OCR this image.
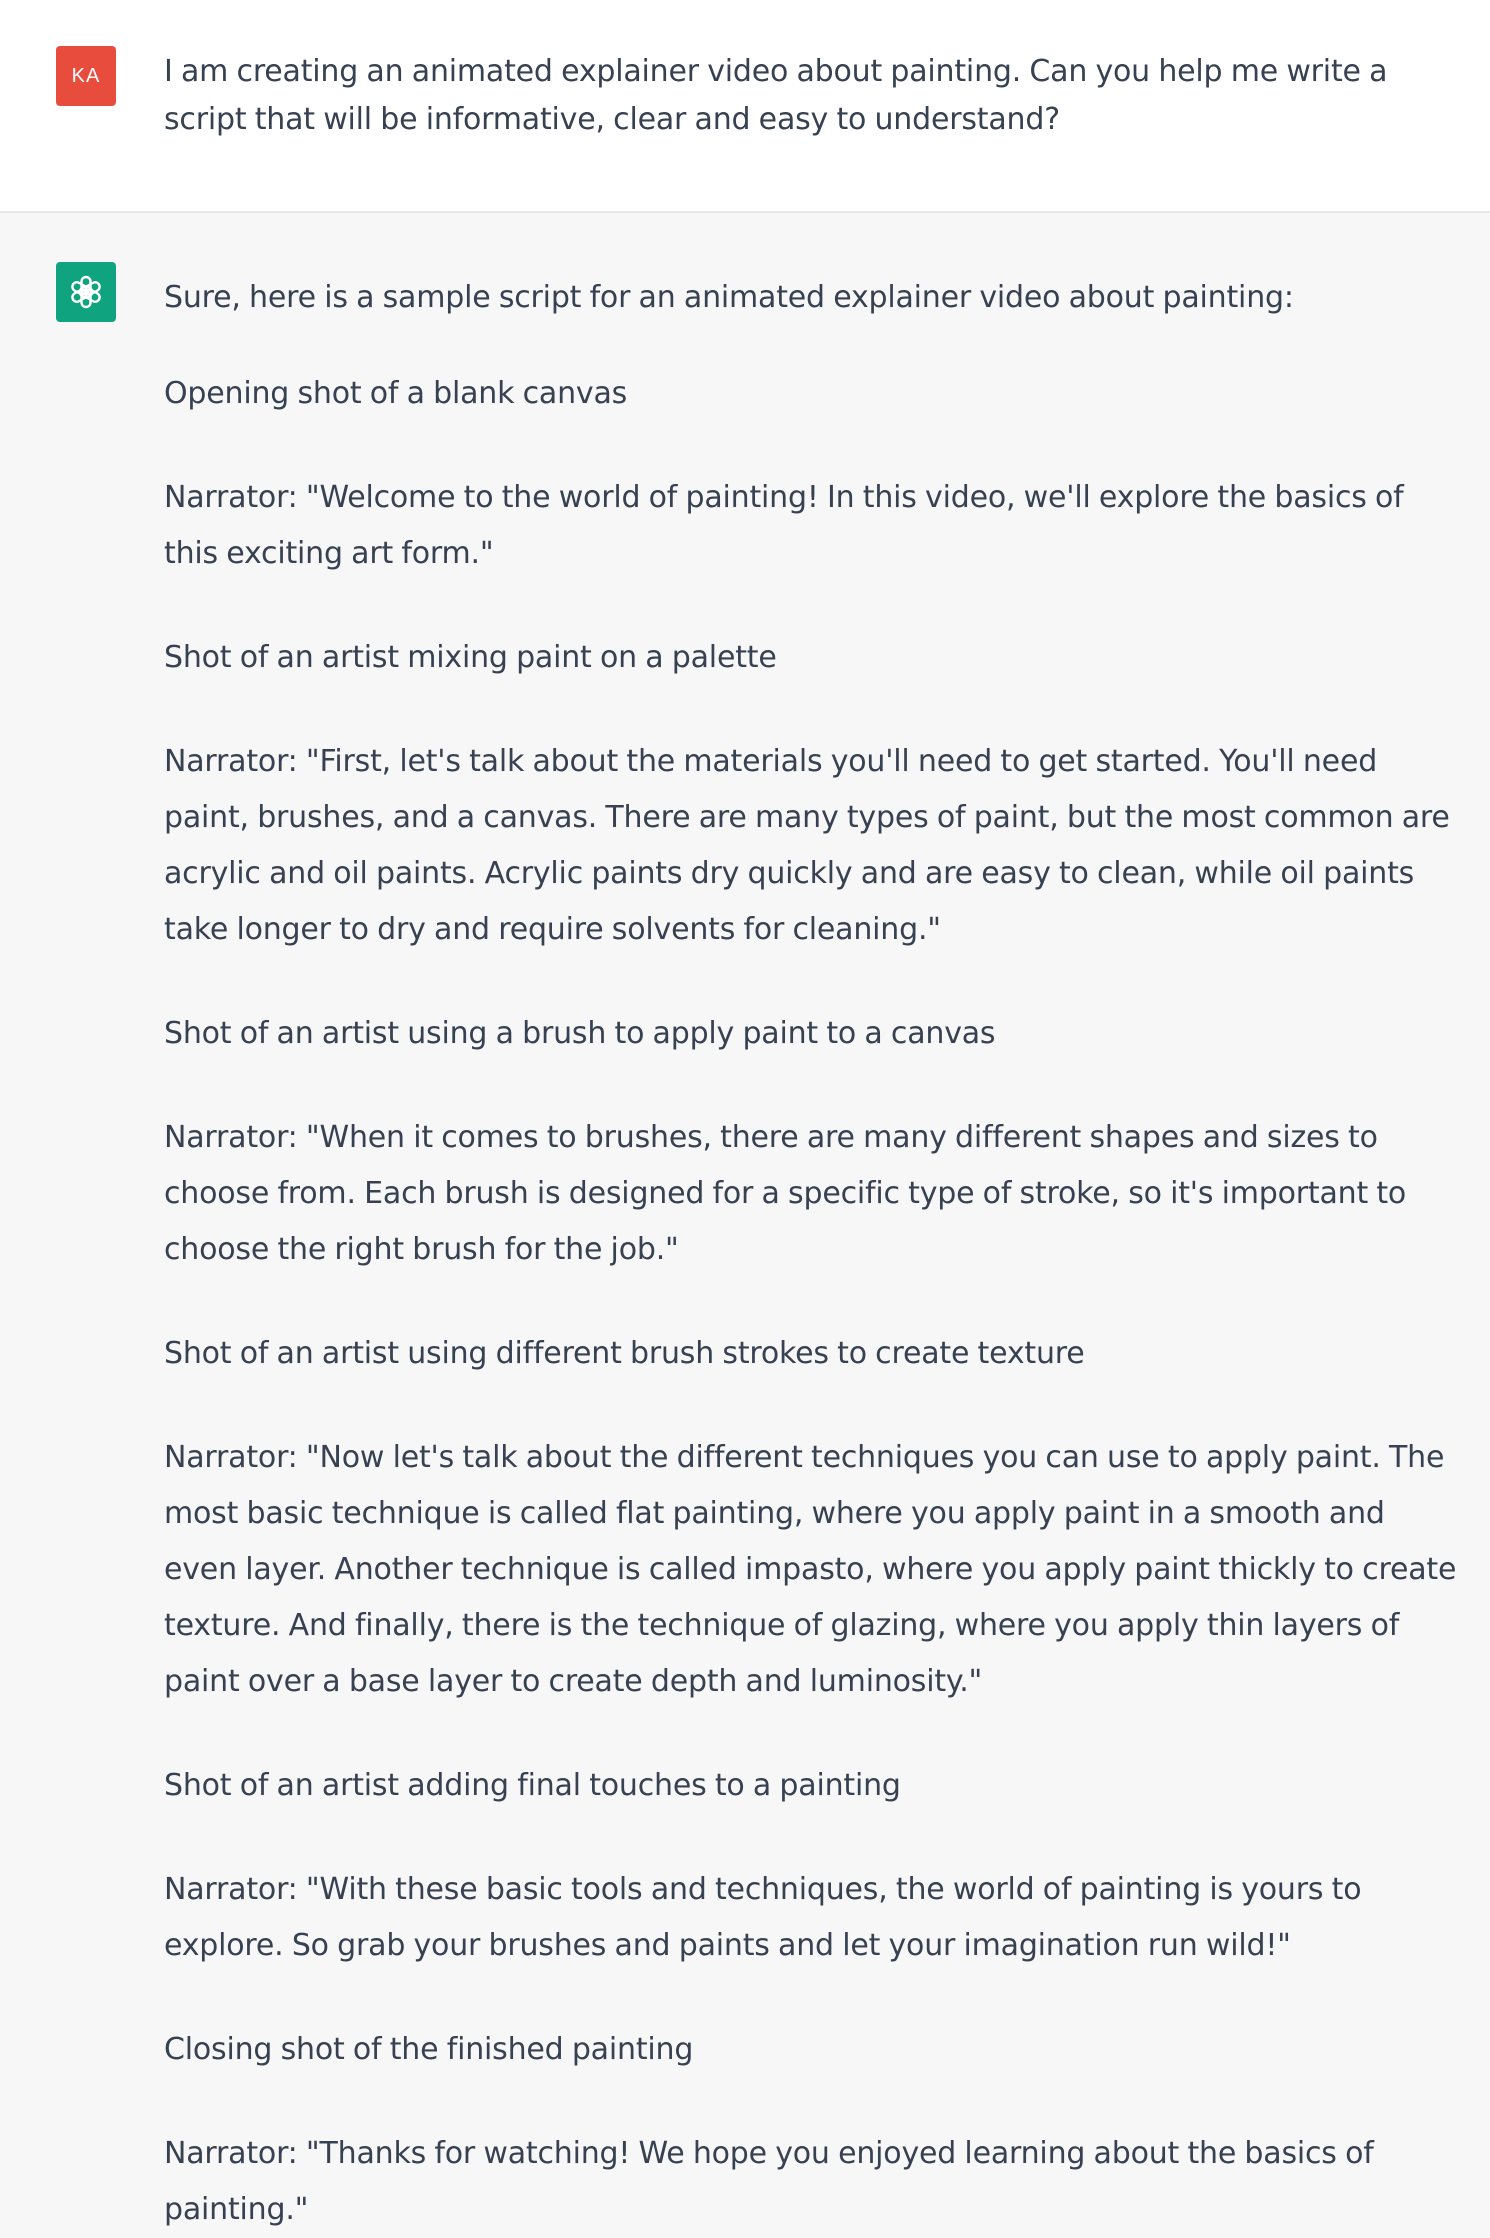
KA	I am creating an animated explainer video about painting. Can you help me write a script that will be informative, clear and easy to understand?

Sure, here is a sample script for an animated explainer video about painting:

Opening shot of a blank canvas

Narrator: "Welcome to the world of painting! In this video, we'll explore the basics of this exciting art form."

Shot of an artist mixing paint on a palette

Narrator: "First, let's talk about the materials you'll need to get started. You'll need paint, brushes, and a canvas. There are many types of paint, but the most common are acrylic and oil paints. Acrylic paints dry quickly and are easy to clean, while oil paints take longer to dry and require solvents for cleaning."

Shot of an artist using a brush to apply paint to a canvas

Narrator: "When it comes to brushes, there are many different shapes and sizes to choose from. Each brush is designed for a specific type of stroke, so it's important to choose the right brush for the job."

Shot of an artist using different brush strokes to create texture

Narrator: "Now let's talk about the different techniques you can use to apply paint. The most basic technique is called flat painting, where you apply paint in a smooth and even layer. Another technique is called impasto, where you apply paint thickly to create texture. And finally, there is the technique of glazing, where you apply thin layers of paint over a base layer to create depth and luminosity."

Shot of an artist adding final touches to a painting

Narrator: "With these basic tools and techniques, the world of painting is yours to explore. So grab your brushes and paints and let your imagination run wild!"

Closing shot of the finished painting

Narrator: "Thanks for watching! We hope you enjoyed learning about the basics of painting."
